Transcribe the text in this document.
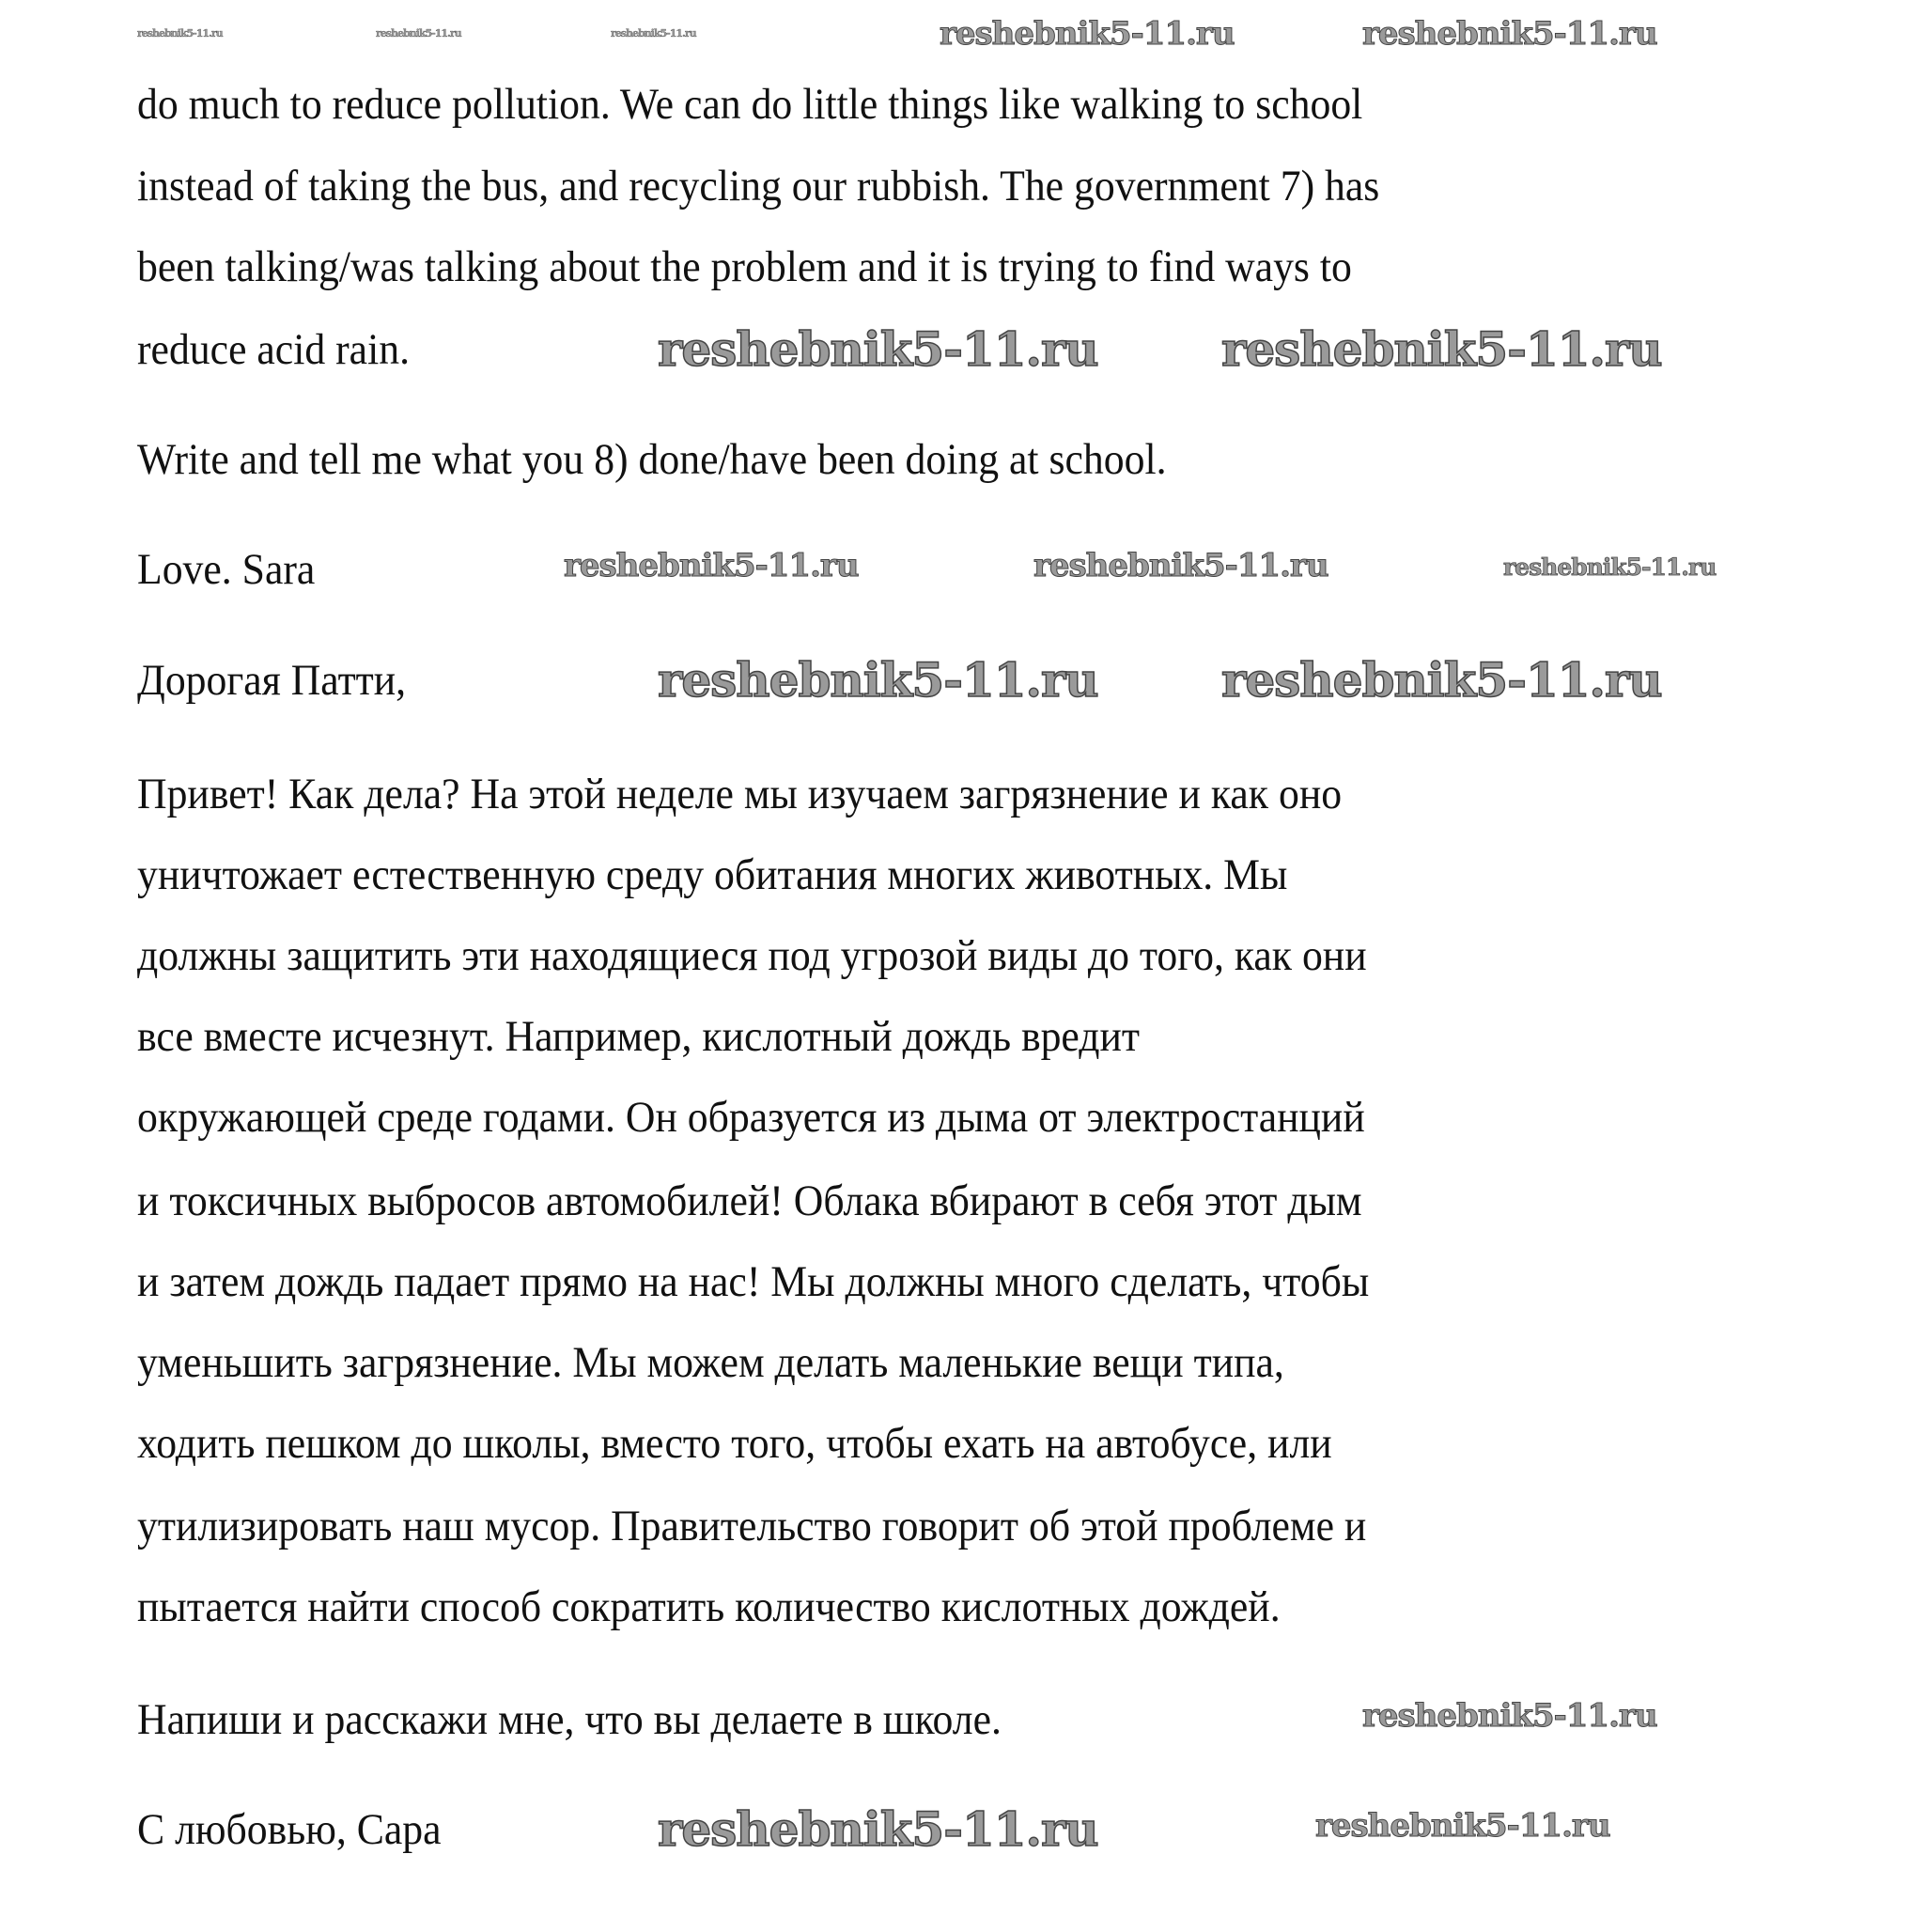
do much to reduce pollution. We can do little things like walking to school
instead of taking the bus, and recycling our rubbish. The government 7) has
been talking/was talking about the problem and it is trying to find ways to
reduce acid rain.
Write and tell me what you 8) done/have been doing at school.
Love. Sara
Дорогая Патти,
Привет! Как дела? На этой неделе мы изучаем загрязнение и как оно
уничтожает естественную среду обитания многих животных. Мы
должны защитить эти находящиеся под угрозой виды до того, как они
все вместе исчезнут. Например, кислотный дождь вредит
окружающей среде годами. Он образуется из дыма от электростанций
и токсичных выбросов автомобилей! Облака вбирают в себя этот дым
и затем дождь падает прямо на нас! Мы должны много сделать, чтобы
уменьшить загрязнение. Мы можем делать маленькие вещи типа,
ходить пешком до школы, вместо того, чтобы ехать на автобусе, или
утилизировать наш мусор. Правительство говорит об этой проблеме и
пытается найти способ сократить количество кислотных дождей.
Напиши и расскажи мне, что вы делаете в школе.
С любовью, Сара
reshebnik5-11.ru	reshebnik5-11.ru	reshebnik5-11.ru	reshebnik5-11.ru	reshebnik5-11.ru
reshebnik5-11.ru	reshebnik5-11.ru
reshebnik5-11.ru	reshebnik5-11.ru	reshebnik5-11.ru
reshebnik5-11.ru	reshebnik5-11.ru
reshebnik5-11.ru
reshebnik5-11.ru	reshebnik5-11.ru
